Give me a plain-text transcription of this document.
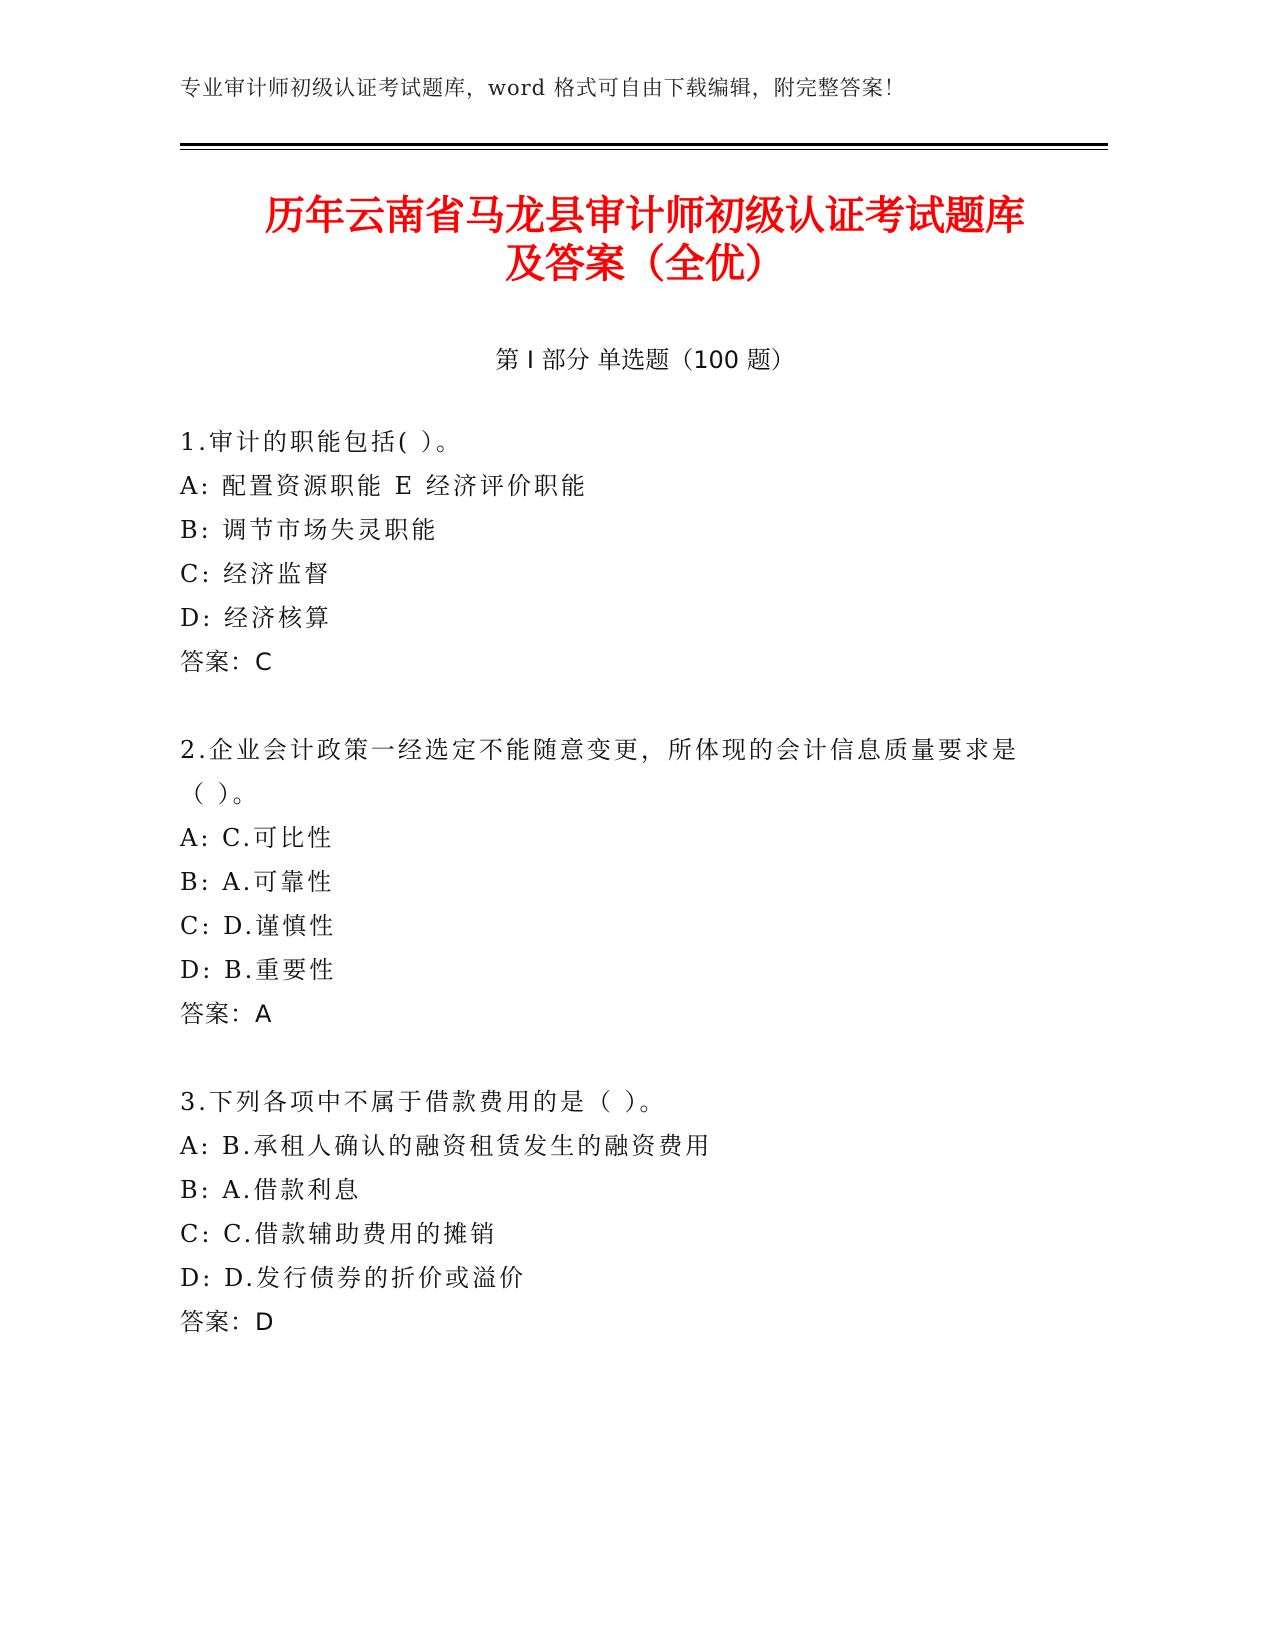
专业审计师初级认证考试题库，word 格式可自由下载编辑，附完整答案！
历年云南省马龙县审计师初级认证考试题库
及答案（全优）
第 I 部分 单选题（100 题）
1.审计的职能包括( ）。
A: 配置资源职能 E 经济评价职能
B: 调节市场失灵职能
C: 经济监督
D: 经济核算
答案：C
2.企业会计政策一经选定不能随意变更，所体现的会计信息质量要求是（ ）。
A: C.可比性
B: A.可靠性
C: D.谨慎性
D: B.重要性
答案：A
3.下列各项中不属于借款费用的是（ ）。
A: B.承租人确认的融资租赁发生的融资费用
B: A.借款利息
C: C.借款辅助费用的摊销
D: D.发行债券的折价或溢价
答案：D
